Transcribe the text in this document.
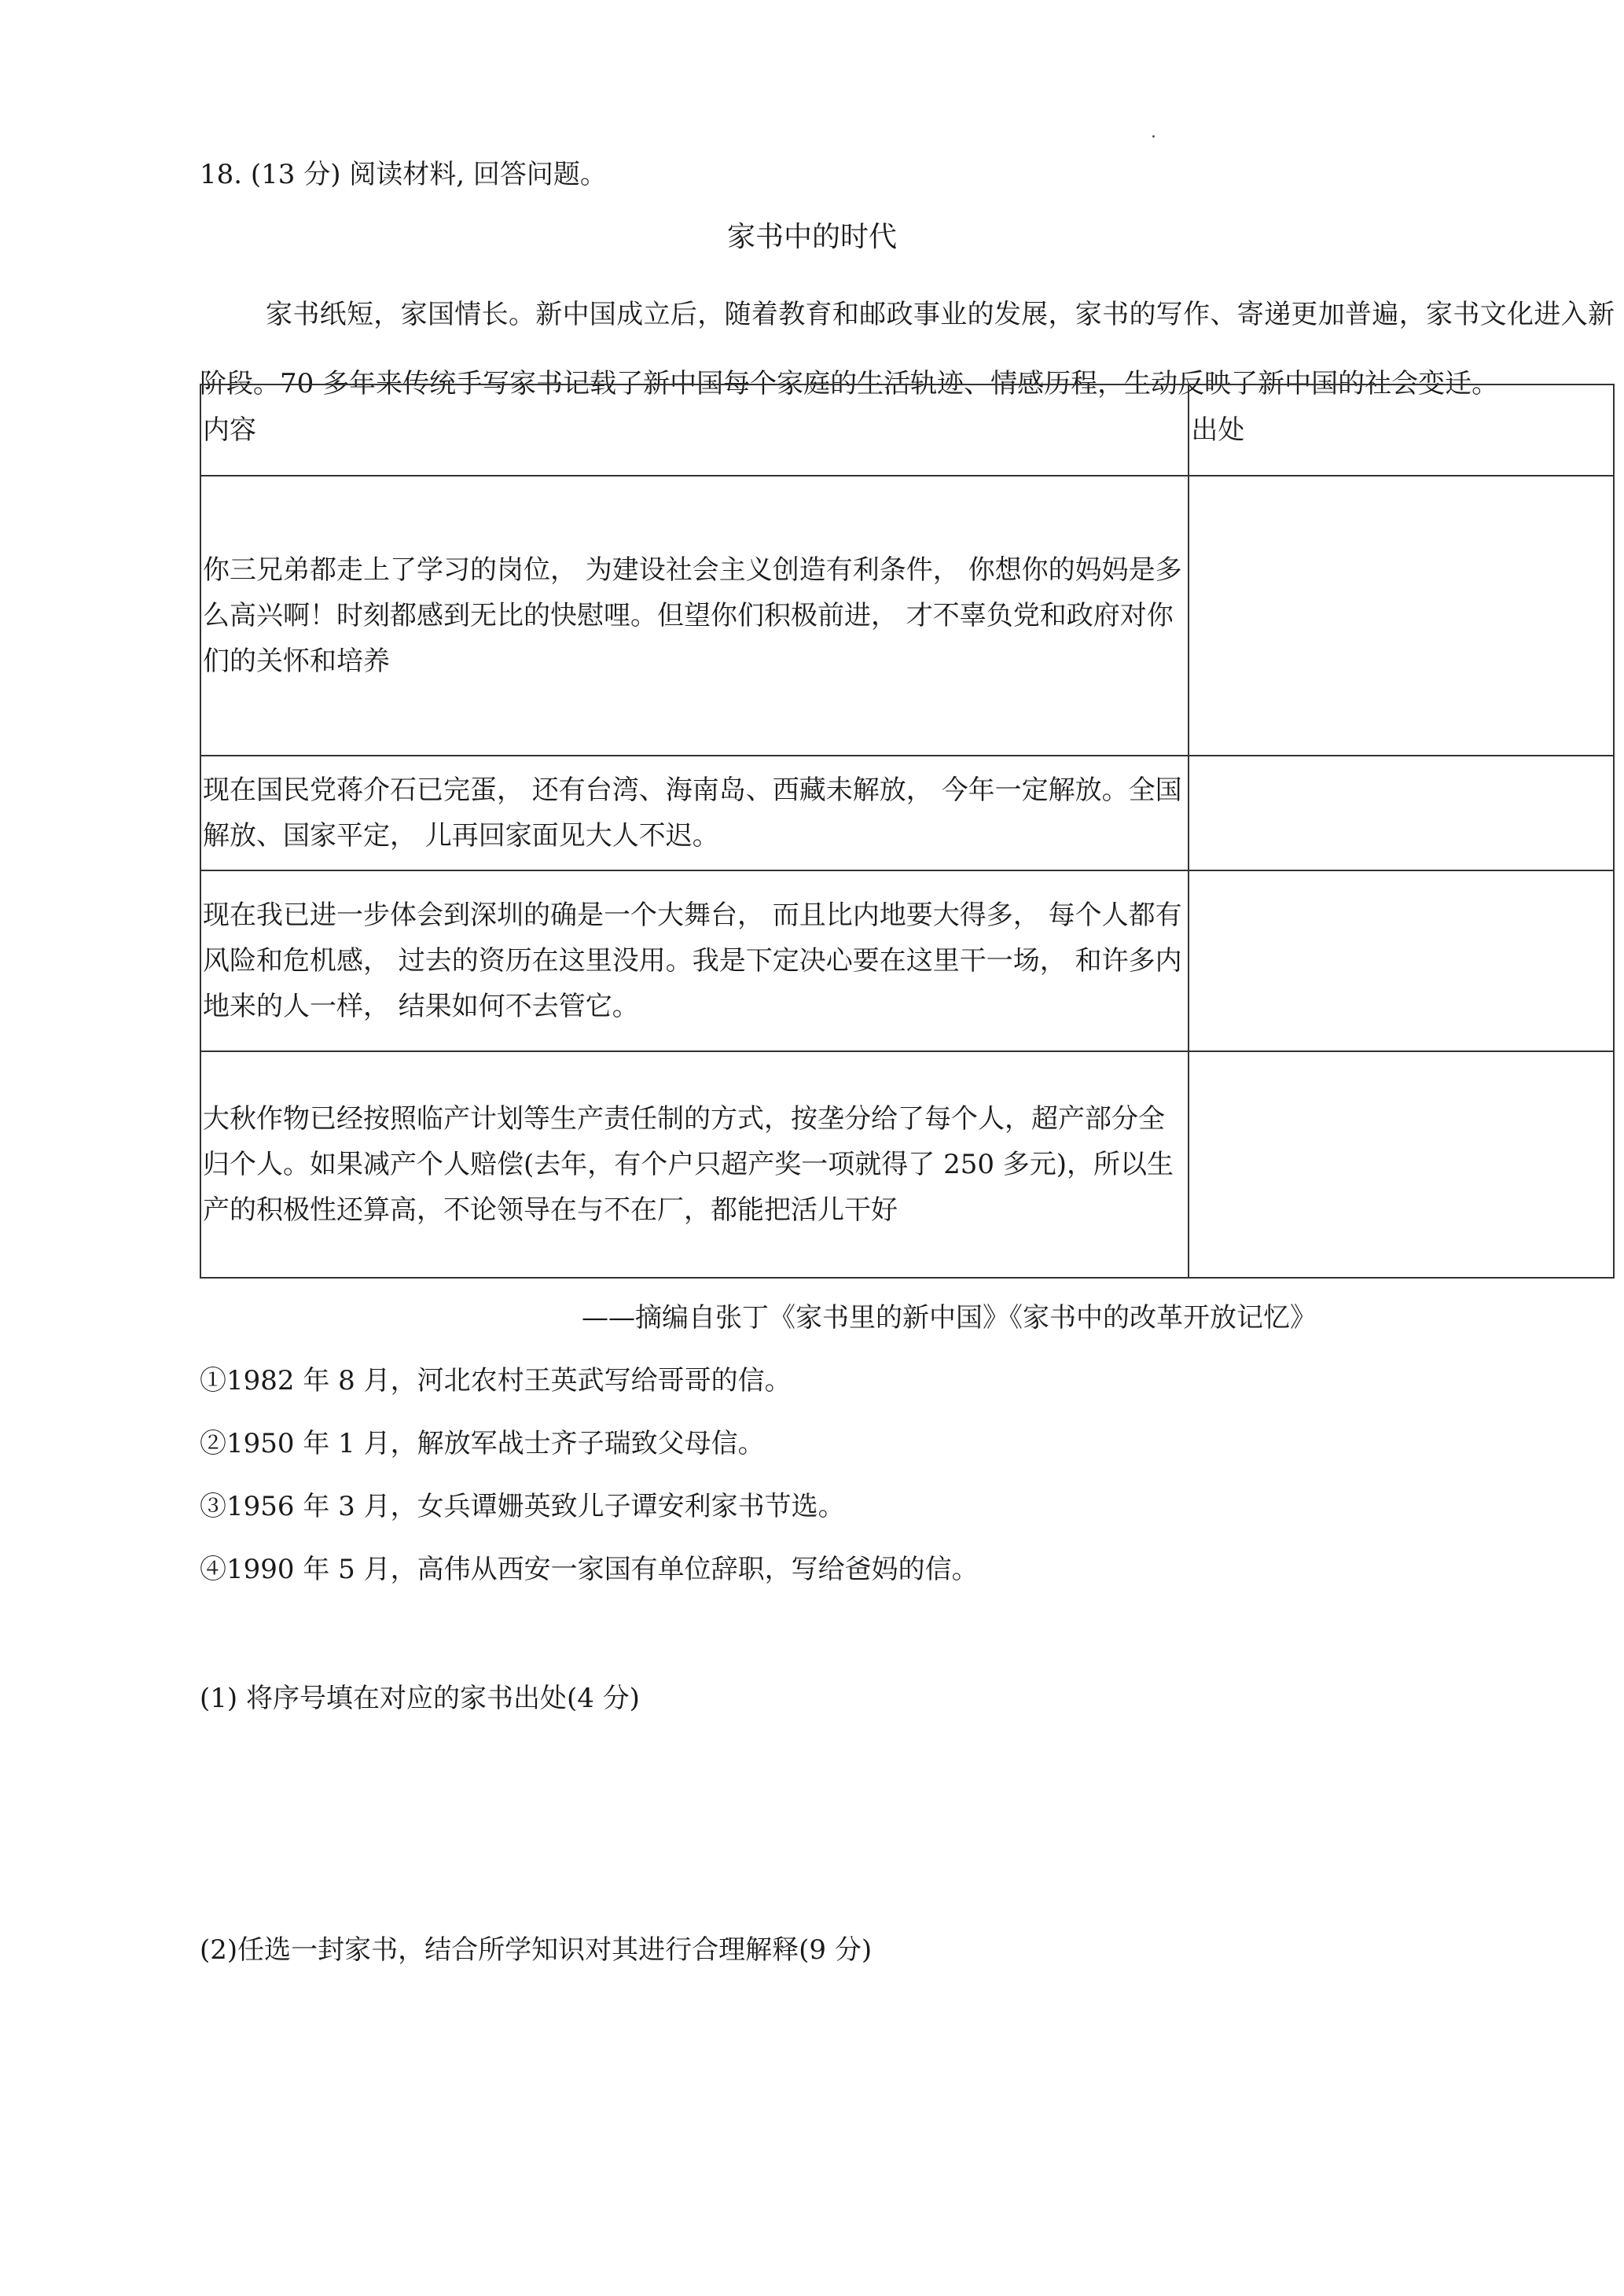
18. (13 分) 阅读材料, 回答问题。
家书中的时代
家书纸短，家国情长。新中国成立后，随着教育和邮政事业的发展，家书的写作、寄递更加普遍，家书文化进入新阶段。70 多年来传统手写家书记载了新中国每个家庭的生活轨迹、情感历程，生动反映了新中国的社会变迁。
内容	出处
你三兄弟都走上了学习的岗位， 为建设社会主义创造有利条件， 你想你的妈妈是多么高兴啊！时刻都感到无比的快慰哩。但望你们积极前进， 才不辜负党和政府对你们的关怀和培养	
现在国民党蒋介石已完蛋， 还有台湾、海南岛、西藏未解放， 今年一定解放。全国解放、国家平定， 儿再回家面见大人不迟。	
现在我已进一步体会到深圳的确是一个大舞台， 而且比内地要大得多， 每个人都有风险和危机感， 过去的资历在这里没用。我是下定决心要在这里干一场， 和许多内地来的人一样， 结果如何不去管它。	
大秋作物已经按照临产计划等生产责任制的方式，按垄分给了每个人，超产部分全归个人。如果减产个人赔偿(去年，有个户只超产奖一项就得了 250 多元)，所以生产的积极性还算高，不论领导在与不在厂，都能把活儿干好	
——摘编自张丁《家书里的新中国》《家书中的改革开放记忆》
①1982 年 8 月，河北农村王英武写给哥哥的信。
②1950 年 1 月，解放军战士齐子瑞致父母信。
③1956 年 3 月，女兵谭姗英致儿子谭安利家书节选。
④1990 年 5 月，高伟从西安一家国有单位辞职，写给爸妈的信。
(1) 将序号填在对应的家书出处(4 分)
(2)任选一封家书，结合所学知识对其进行合理解释(9 分)
